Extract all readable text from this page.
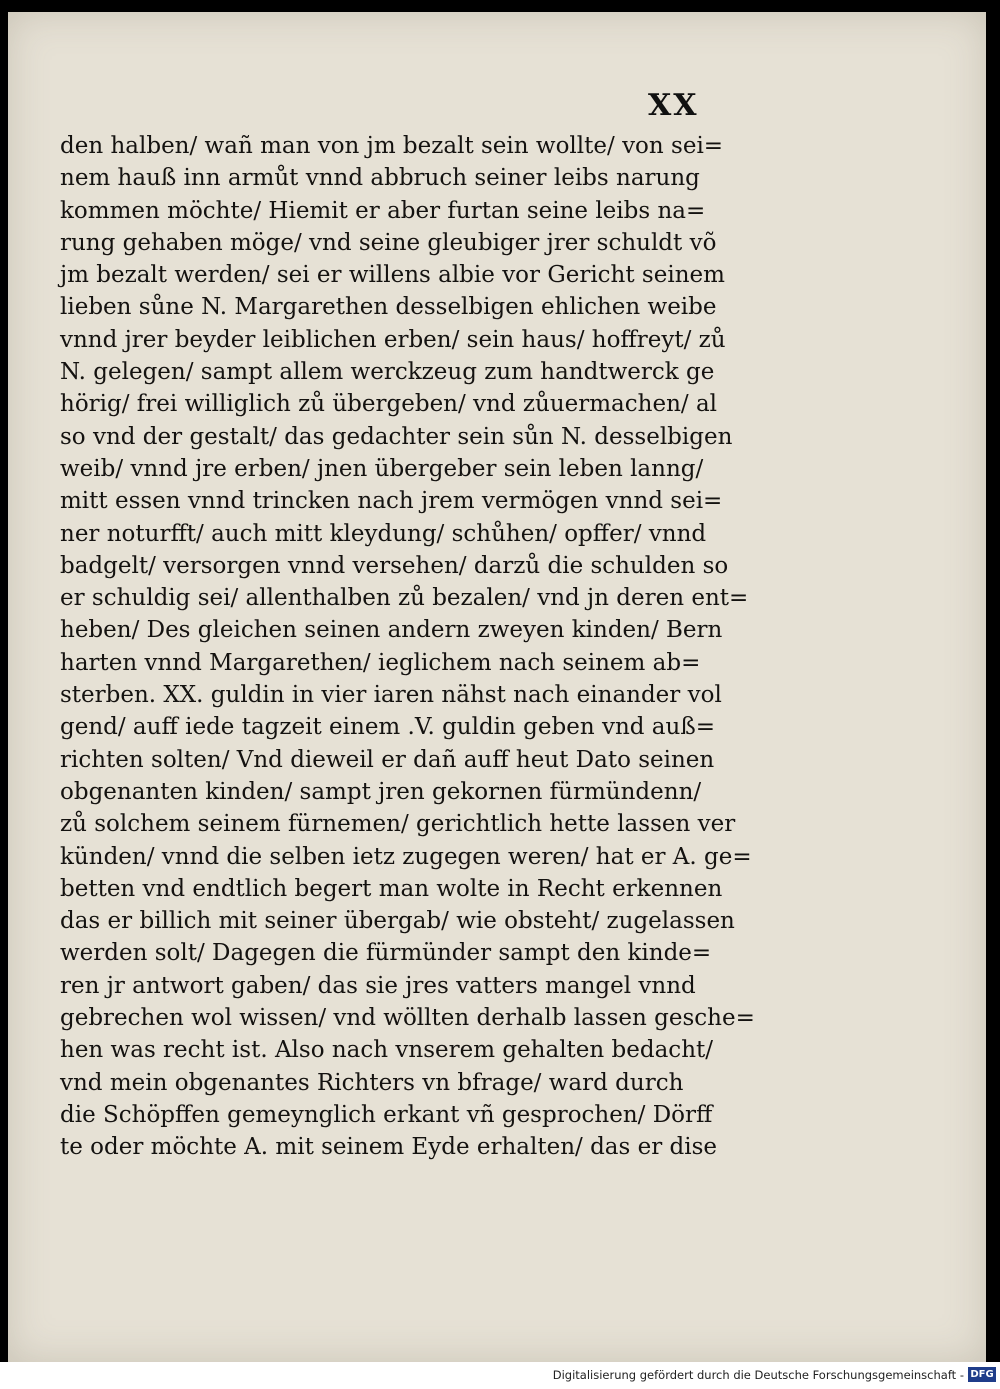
XX
den halben/ wañ man von jm bezalt sein wollte/ von sei=
nem hauß inn armůt vnnd abbruch seiner leibs narung
kommen möchte/ Hiemit er aber furtan seine leibs na=
rung gehaben möge/ vnd seine gleubiger jrer schuldt võ
jm bezalt werden/ sei er willens albie vor Gericht seinem
lieben sůne N. Margarethen desselbigen ehlichen weibe
vnnd jrer beyder leiblichen erben/ sein haus/ hoffreyt/ zů
N. gelegen/ sampt allem werckzeug zum handtwerck ge
hörig/ frei williglich zů übergeben/ vnd zůuermachen/ al
so vnd der gestalt/ das gedachter sein sůn N. desselbigen
weib/ vnnd jre erben/ jnen übergeber sein leben lanng/
mitt essen vnnd trincken nach jrem vermögen vnnd sei=
ner noturfft/ auch mitt kleydung/ schůhen/ opffer/ vnnd
badgelt/ versorgen vnnd versehen/ darzů die schulden so
er schuldig sei/ allenthalben zů bezalen/ vnd jn deren ent=
heben/ Des gleichen seinen andern zweyen kinden/ Bern
harten vnnd Margarethen/ ieglichem nach seinem ab=
sterben. XX. guldin in vier iaren nähst nach einander vol
gend/ auff iede tagzeit einem .V. guldin geben vnd auß=
richten solten/ Vnd dieweil er dañ auff heut Dato seinen
obgenanten kinden/ sampt jren gekornen fürmündenn/
zů solchem seinem fürnemen/ gerichtlich hette lassen ver
künden/ vnnd die selben ietz zugegen weren/ hat er A. ge=
betten vnd endtlich begert man wolte in Recht erkennen
das er billich mit seiner übergab/ wie obsteht/ zugelassen
werden solt/ Dagegen die fürmünder sampt den kinde=
ren jr antwort gaben/ das sie jres vatters mangel vnnd
gebrechen wol wissen/ vnd wöllten derhalb lassen gesche=
hen was recht ist. Also nach vnserem gehalten bedacht/
vnd mein obgenantes Richters vn bfrage/ ward durch
die Schöpffen gemeynglich erkant vñ gesprochen/ Dörff
te oder möchte A. mit seinem Eyde erhalten/ das er dise
Digitalisierung gefördert durch die Deutsche Forschungsgemeinschaft - DFG
